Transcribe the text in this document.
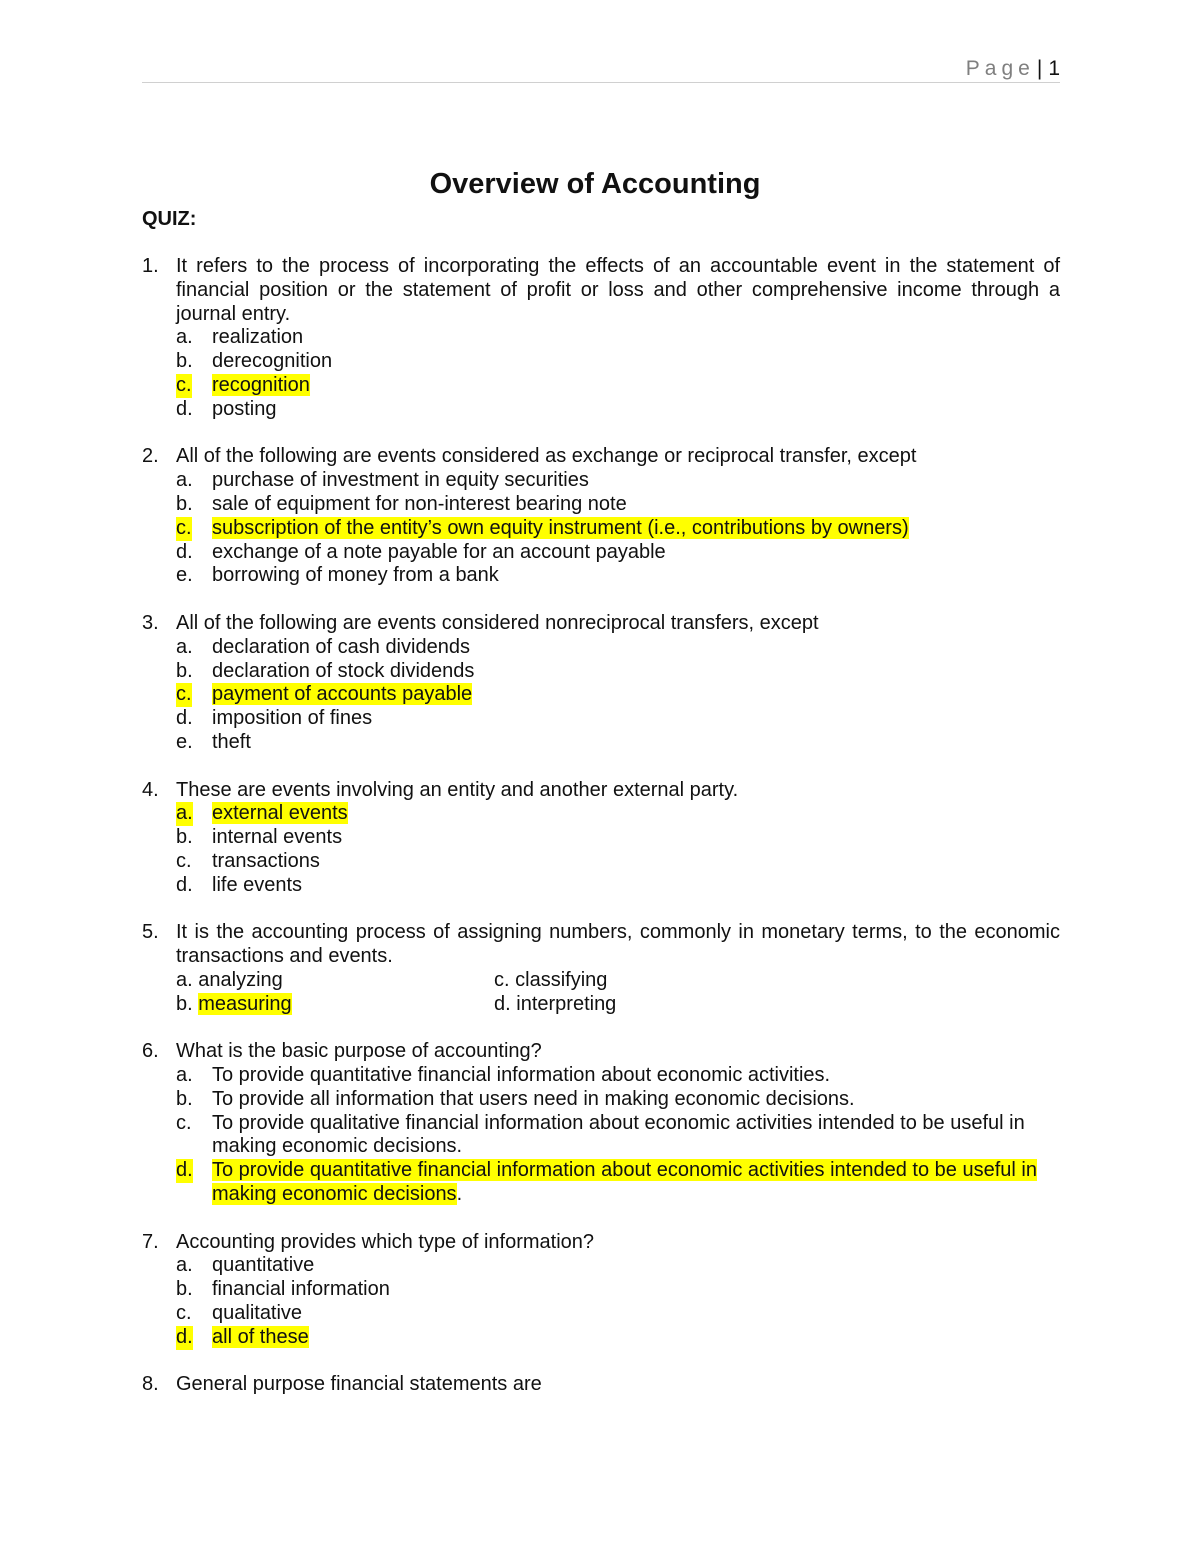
Page| 1
Overview of Accounting
QUIZ:
1. It refers to the process of incorporating the effects of an accountable event in the statement of financial position or the statement of profit or loss and other comprehensive income through a journal entry.
a. realization
b. derecognition
c. recognition
d. posting
2. All of the following are events considered as exchange or reciprocal transfer, except
a. purchase of investment in equity securities
b. sale of equipment for non-interest bearing note
c. subscription of the entity’s own equity instrument (i.e., contributions by owners)
d. exchange of a note payable for an account payable
e. borrowing of money from a bank
3. All of the following are events considered nonreciprocal transfers, except
a. declaration of cash dividends
b. declaration of stock dividends
c. payment of accounts payable
d. imposition of fines
e. theft
4. These are events involving an entity and another external party.
a. external events
b. internal events
c. transactions
d. life events
5. It is the accounting process of assigning numbers, commonly in monetary terms, to the economic transactions and events.
a. analyzing	c. classifying
b. measuring	d. interpreting
6. What is the basic purpose of accounting?
a. To provide quantitative financial information about economic activities.
b. To provide all information that users need in making economic decisions.
c. To provide qualitative financial information about economic activities intended to be useful in making economic decisions.
d. To provide quantitative financial information about economic activities intended to be useful in making economic decisions.
7. Accounting provides which type of information?
a. quantitative
b. financial information
c. qualitative
d. all of these
8. General purpose financial statements are
